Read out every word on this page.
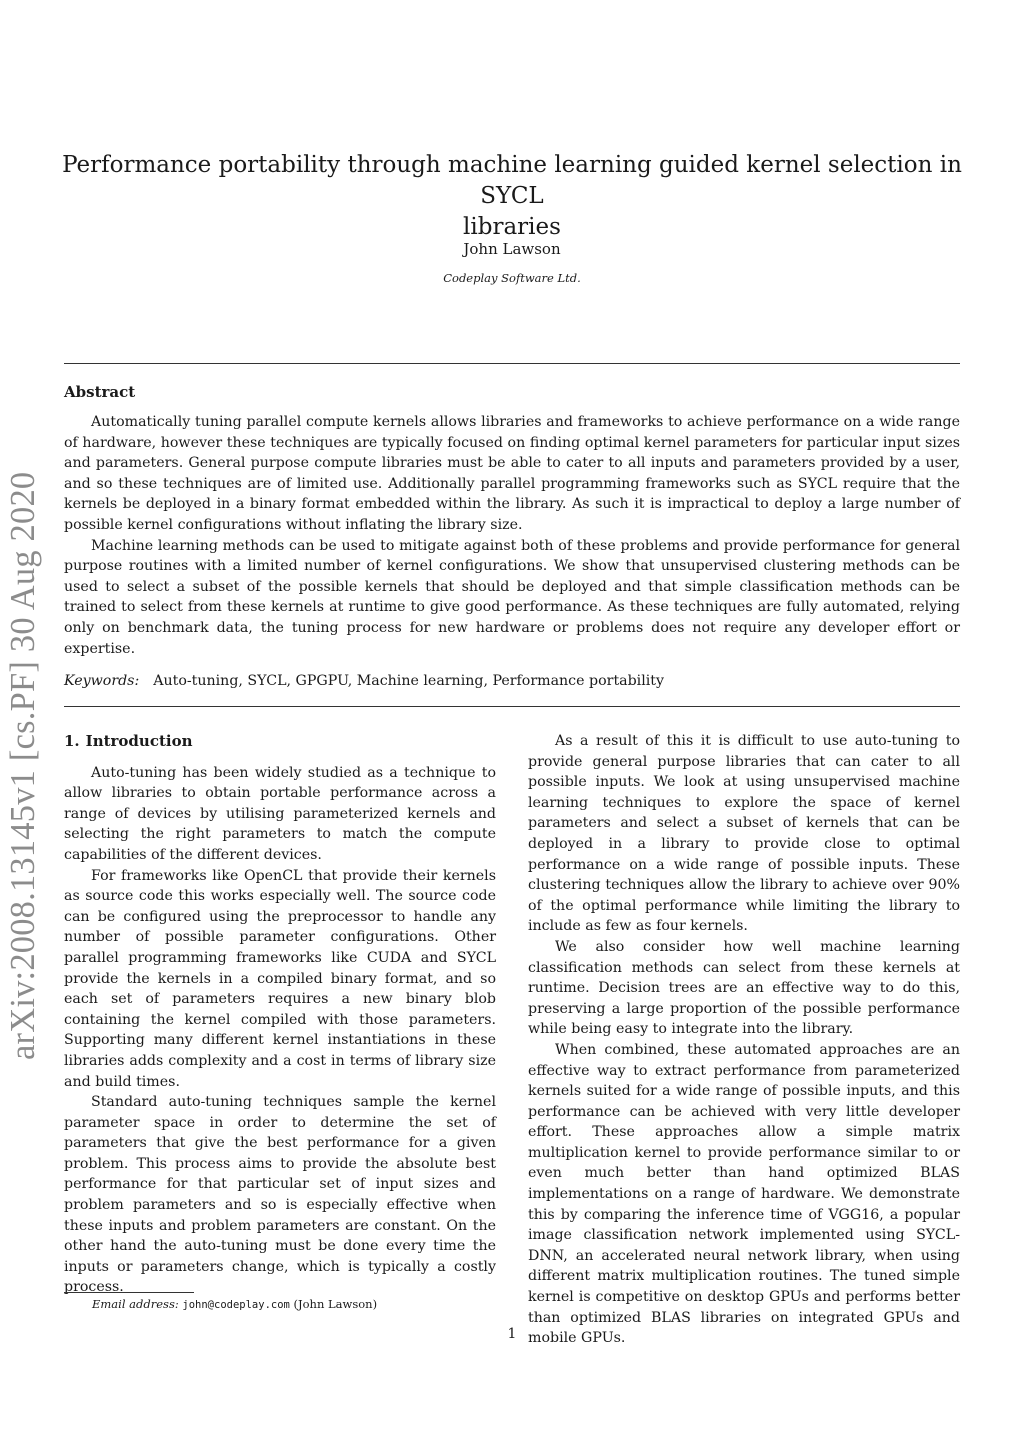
arXiv:2008.13145v1 [cs.PF] 30 Aug 2020
Performance portability through machine learning guided kernel selection in SYCL
libraries
John Lawson
Codeplay Software Ltd.
Abstract

Automatically tuning parallel compute kernels allows libraries and frameworks to achieve performance on a wide range of hardware, however these techniques are typically focused on finding optimal kernel parameters for particular input sizes and parameters. General purpose compute libraries must be able to cater to all inputs and parameters provided by a user, and so these techniques are of limited use. Additionally parallel programming frameworks such as SYCL require that the kernels be deployed in a binary format embedded within the library. As such it is impractical to deploy a large number of possible kernel configurations without inflating the library size.

Machine learning methods can be used to mitigate against both of these problems and provide performance for general purpose routines with a limited number of kernel configurations. We show that unsupervised clustering methods can be used to select a subset of the possible kernels that should be deployed and that simple classification methods can be trained to select from these kernels at runtime to give good performance. As these techniques are fully automated, relying only on benchmark data, the tuning process for new hardware or problems does not require any developer effort or expertise.

Keywords: Auto-tuning, SYCL, GPGPU, Machine learning, Performance portability
1. Introduction

Auto-tuning has been widely studied as a technique to allow libraries to obtain portable performance across a range of devices by utilising parameterized kernels and selecting the right parameters to match the compute capabilities of the different devices.

For frameworks like OpenCL that provide their kernels as source code this works especially well. The source code can be configured using the preprocessor to handle any number of possible parameter configurations. Other parallel programming frameworks like CUDA and SYCL provide the kernels in a compiled binary format, and so each set of parameters requires a new binary blob containing the kernel compiled with those parameters. Supporting many different kernel instantiations in these libraries adds complexity and a cost in terms of library size and build times.

Standard auto-tuning techniques sample the kernel parameter space in order to determine the set of parameters that give the best performance for a given problem. This process aims to provide the absolute best performance for that particular set of input sizes and problem parameters and so is especially effective when these inputs and problem parameters are constant. On the other hand the auto-tuning must be done every time the inputs or parameters change, which is typically a costly process.

As a result of this it is difficult to use auto-tuning to provide general purpose libraries that can cater to all possible inputs. We look at using unsupervised machine learning techniques to explore the space of kernel parameters and select a subset of kernels that can be deployed in a library to provide close to optimal performance on a wide range of possible inputs. These clustering techniques allow the library to achieve over 90% of the optimal performance while limiting the library to include as few as four kernels.

We also consider how well machine learning classification methods can select from these kernels at runtime. Decision trees are an effective way to do this, preserving a large proportion of the possible performance while being easy to integrate into the library.

When combined, these automated approaches are an effective way to extract performance from parameterized kernels suited for a wide range of possible inputs, and this performance can be achieved with very little developer effort. These approaches allow a simple matrix multiplication kernel to provide performance similar to or even much better than hand optimized BLAS implementations on a range of hardware. We demonstrate this by comparing the inference time of VGG16, a popular image classification network implemented using SYCL-DNN, an accelerated neural network library, when using different matrix multiplication routines. The tuned simple kernel is competitive on desktop GPUs and performs better than optimized BLAS libraries on integrated GPUs and mobile GPUs.

Email address: john@codeplay.com (John Lawson)
1
